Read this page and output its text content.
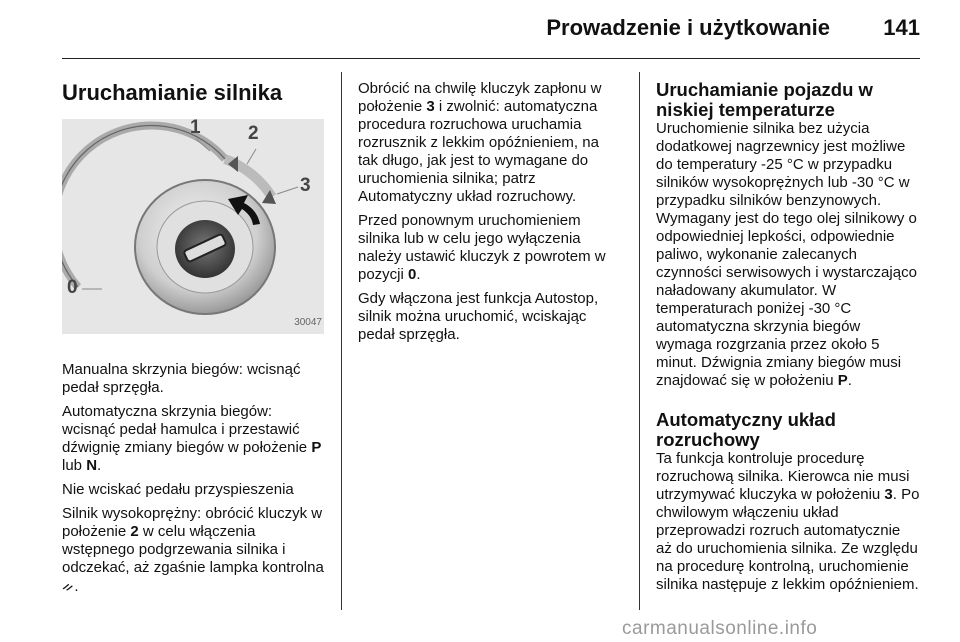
Prowadzenie i użytkowanie 141
Uruchamianie silnika
0
1 2
3
30047

Manualna skrzynia biegów: wcisnąć pedał sprzęgła.

Automatyczna skrzynia biegów: wcisnąć pedał hamulca i przestawić dźwignię zmiany biegów w położenie P lub N.

Nie wciskać pedału przyspieszenia

Silnik wysokoprężny: obrócić kluczyk w położenie 2 w celu włączenia wstępnego podgrzewania silnika i odczekać, aż zgaśnie lampka kontrolna ᨀ.

Obrócić na chwilę kluczyk zapłonu w położenie 3 i zwolnić: automatyczna procedura rozruchowa uruchamia rozrusznik z lekkim opóźnieniem, na tak długo, jak jest to wymagane do uruchomienia silnika; patrz Automatyczny układ rozruchowy.

Przed ponownym uruchomieniem silnika lub w celu jego wyłączenia należy ustawić kluczyk z powrotem w pozycji 0.

Gdy włączona jest funkcja Autostop, silnik można uruchomić, wciskając pedał sprzęgła.

Uruchamianie pojazdu w niskiej temperaturze

Uruchomienie silnika bez użycia dodatkowej nagrzewnicy jest możliwe do temperatury -25 °C w przypadku silników wysokoprężnych lub -30 °C w przypadku silników benzynowych. Wymagany jest do tego olej silnikowy o odpowiedniej lepkości, odpowiednie paliwo, wykonanie zalecanych czynności serwisowych i wystarczająco naładowany akumulator. W temperaturach poniżej -30 °C automatyczna skrzynia biegów wymaga rozgrzania przez około 5 minut. Dźwignia zmiany biegów musi znajdować się w położeniu P.

Automatyczny układ rozruchowy

Ta funkcja kontroluje procedurę rozruchową silnika. Kierowca nie musi utrzymywać kluczyka w położeniu 3. Po chwilowym włączeniu układ przeprowadzi rozruch automatycznie aż do uruchomienia silnika. Ze względu na procedurę kontrolną, uruchomienie silnika następuje z lekkim opóźnieniem.

carmanualsonline.info
